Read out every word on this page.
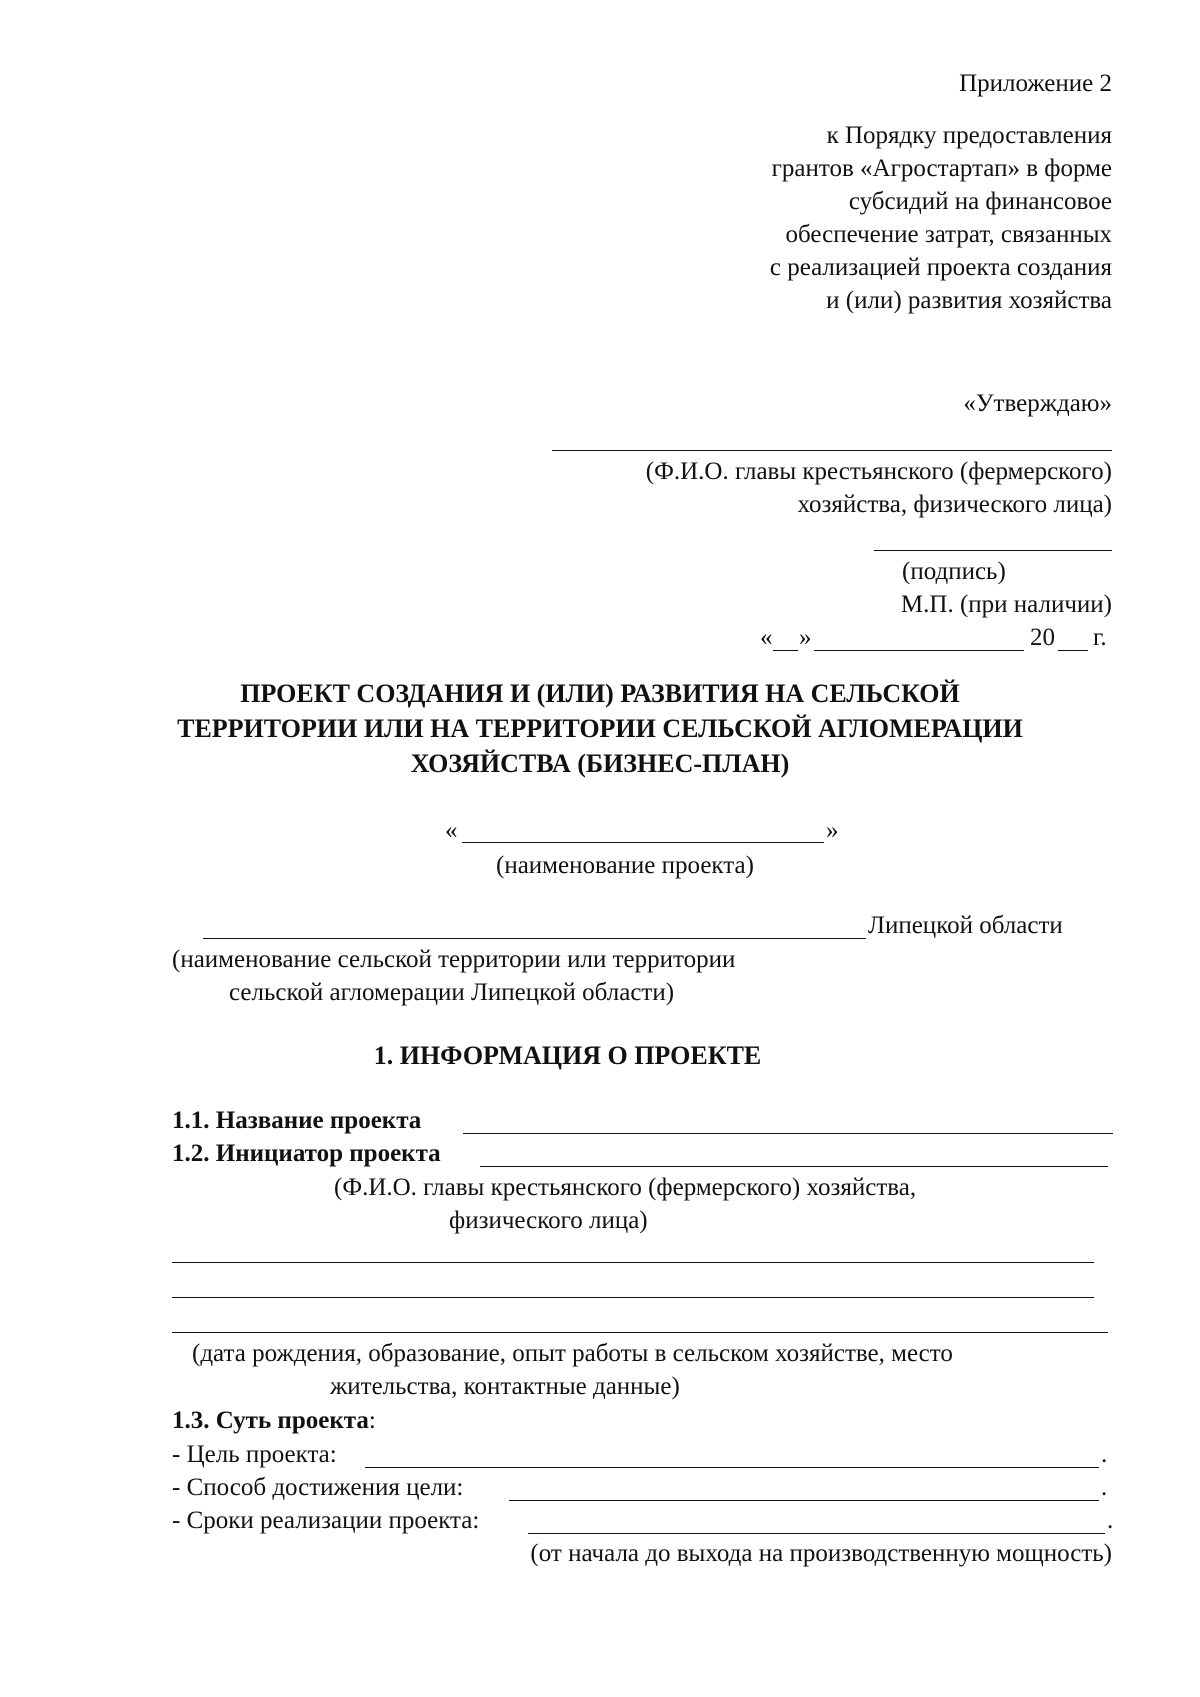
Приложение 2
к Порядку предоставления
грантов «Агростартап» в форме
субсидий на финансовое
обеспечение затрат, связанных
с реализацией проекта создания
и (или) развития хозяйства
«Утверждаю»
(Ф.И.О. главы крестьянского (фермерского)
хозяйства, физического лица)
(подпись)
М.П. (при наличии)
« »	20 г.
ПРОЕКТ СОЗДАНИЯ И (ИЛИ) РАЗВИТИЯ НА СЕЛЬСКОЙ
ТЕРРИТОРИИ ИЛИ НА ТЕРРИТОРИИ СЕЛЬСКОЙ АГЛОМЕРАЦИИ
ХОЗЯЙСТВА (БИЗНЕС-ПЛАН)
«	»
(наименование проекта)
Липецкой области
(наименование сельской территории или территории
сельской агломерации Липецкой области)
1. ИНФОРМАЦИЯ О ПРОЕКТЕ
1.1. Название проекта
1.2. Инициатор проекта
(Ф.И.О. главы крестьянского (фермерского) хозяйства,
физического лица)
(дата рождения, образование, опыт работы в сельском хозяйстве, место
жительства, контактные данные)
1.3. Суть проекта:
- Цель проекта:	.
- Способ достижения цели:	.
- Сроки реализации проекта:	.
(от начала до выхода на производственную мощность)
